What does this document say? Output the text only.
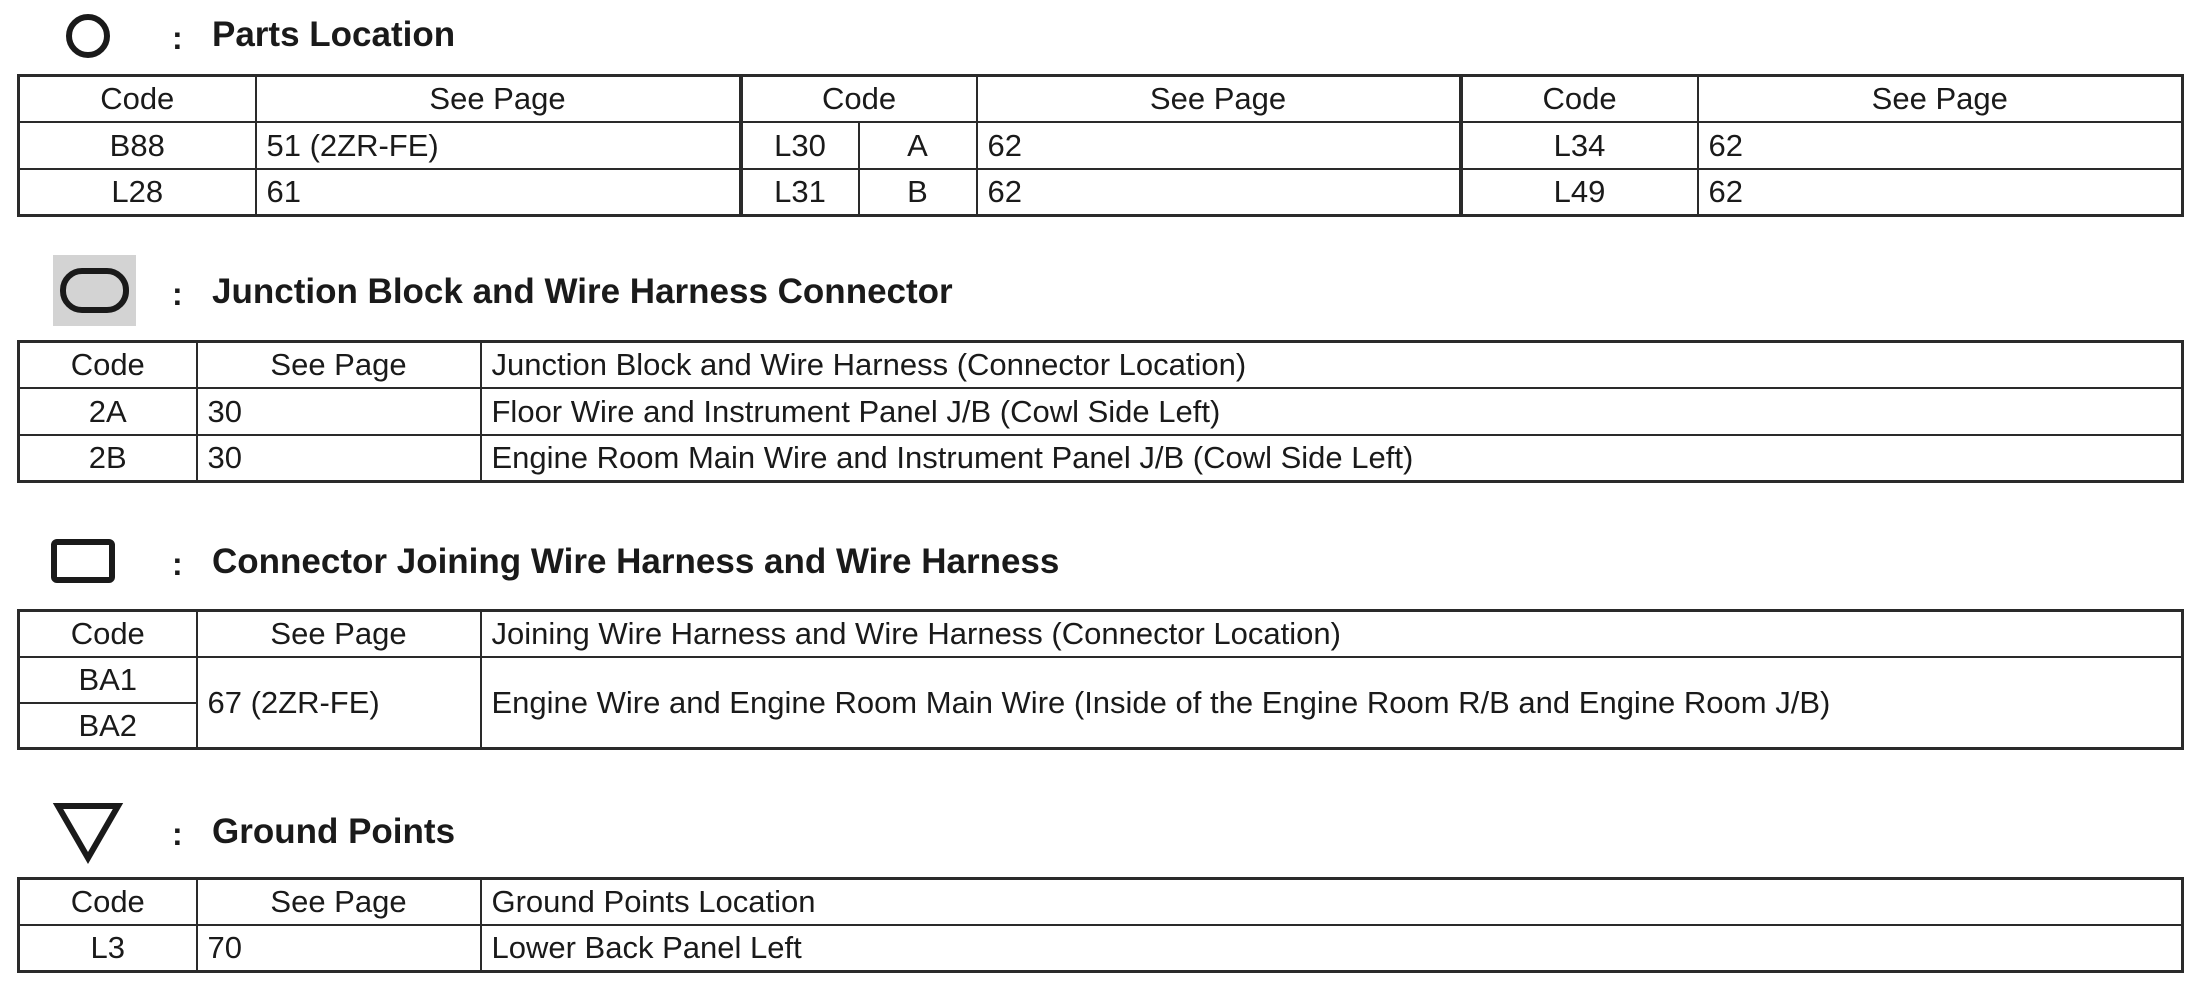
: Parts Location
Code	See Page	Code		See Page	Code	See Page
B88	51 (2ZR-FE)	L30	A	62	L34	62
L28	61	L31	B	62	L49	62
: Junction Block and Wire Harness Connector
Code	See Page	Junction Block and Wire Harness (Connector Location)
2A	30	Floor Wire and Instrument Panel J/B (Cowl Side Left)
2B	30	Engine Room Main Wire and Instrument Panel J/B (Cowl Side Left)
: Connector Joining Wire Harness and Wire Harness
Code	See Page	Joining Wire Harness and Wire Harness (Connector Location)
BA1	67 (2ZR-FE)	Engine Wire and Engine Room Main Wire (Inside of the Engine Room R/B and Engine Room J/B)
BA2		
: Ground Points
Code	See Page	Ground Points Location
L3	70	Lower Back Panel Left
